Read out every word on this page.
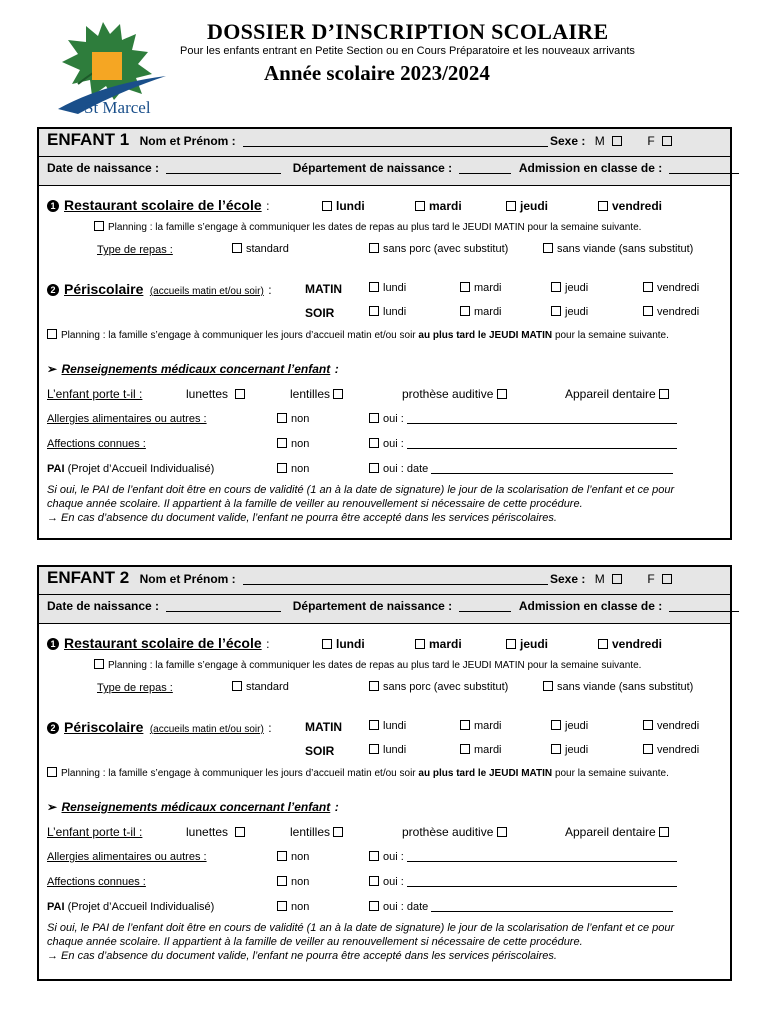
St Marcel
DOSSIER D’INSCRIPTION SCOLAIRE
Pour les enfants entrant en Petite Section ou en Cours Préparatoire et les nouveaux arrivants
Année scolaire 2023/2024
ENFANT 1 Nom et Prénom :	Sexe : M	F
Date de naissance :	Département de naissance :	Admission en classe de :
1 Restaurant scolaire de l’école :	lundi	mardi	jeudi	vendredi
Planning : la famille s’engage à communiquer les dates de repas au plus tard le JEUDI MATIN pour la semaine suivante.
Type de repas :	standard	sans porc (avec substitut)	sans viande (sans substitut)
2 Périscolaire (accueils matin et/ou soir) :	MATIN	lundi	mardi	jeudi	vendredi
SOIR	lundi	mardi	jeudi	vendredi
Planning : la famille s’engage à communiquer les jours d’accueil matin et/ou soir au plus tard le JEUDI MATIN pour la semaine suivante.
➢ Renseignements médicaux concernant l’enfant :
L’enfant porte t-il :	lunettes	lentilles	prothèse auditive	Appareil dentaire
Allergies alimentaires ou autres :	non	oui :
Affections connues :	non	oui :
PAI (Projet d’Accueil Individualisé)	non	oui : date
Si oui, le PAI de l’enfant doit être en cours de validité (1 an à la date de signature) le jour de la scolarisation de l’enfant et ce pour
chaque année scolaire. Il appartient à la famille de veiller au renouvellement si nécessaire de cette procédure.
→ En cas d’absence du document valide, l’enfant ne pourra être accepté dans les services périscolaires.
ENFANT 2 Nom et Prénom :	Sexe : M	F
Date de naissance :	Département de naissance :	Admission en classe de :
1 Restaurant scolaire de l’école :	lundi	mardi	jeudi	vendredi
Planning : la famille s’engage à communiquer les dates de repas au plus tard le JEUDI MATIN pour la semaine suivante.
Type de repas :	standard	sans porc (avec substitut)	sans viande (sans substitut)
2 Périscolaire (accueils matin et/ou soir) :	MATIN	lundi	mardi	jeudi	vendredi
SOIR	lundi	mardi	jeudi	vendredi
Planning : la famille s’engage à communiquer les jours d’accueil matin et/ou soir au plus tard le JEUDI MATIN pour la semaine suivante.
➢ Renseignements médicaux concernant l’enfant :
L’enfant porte t-il :	lunettes	lentilles	prothèse auditive	Appareil dentaire
Allergies alimentaires ou autres :	non	oui :
Affections connues :	non	oui :
PAI (Projet d’Accueil Individualisé)	non	oui : date
Si oui, le PAI de l’enfant doit être en cours de validité (1 an à la date de signature) le jour de la scolarisation de l’enfant et ce pour
chaque année scolaire. Il appartient à la famille de veiller au renouvellement si nécessaire de cette procédure.
→ En cas d’absence du document valide, l’enfant ne pourra être accepté dans les services périscolaires.
